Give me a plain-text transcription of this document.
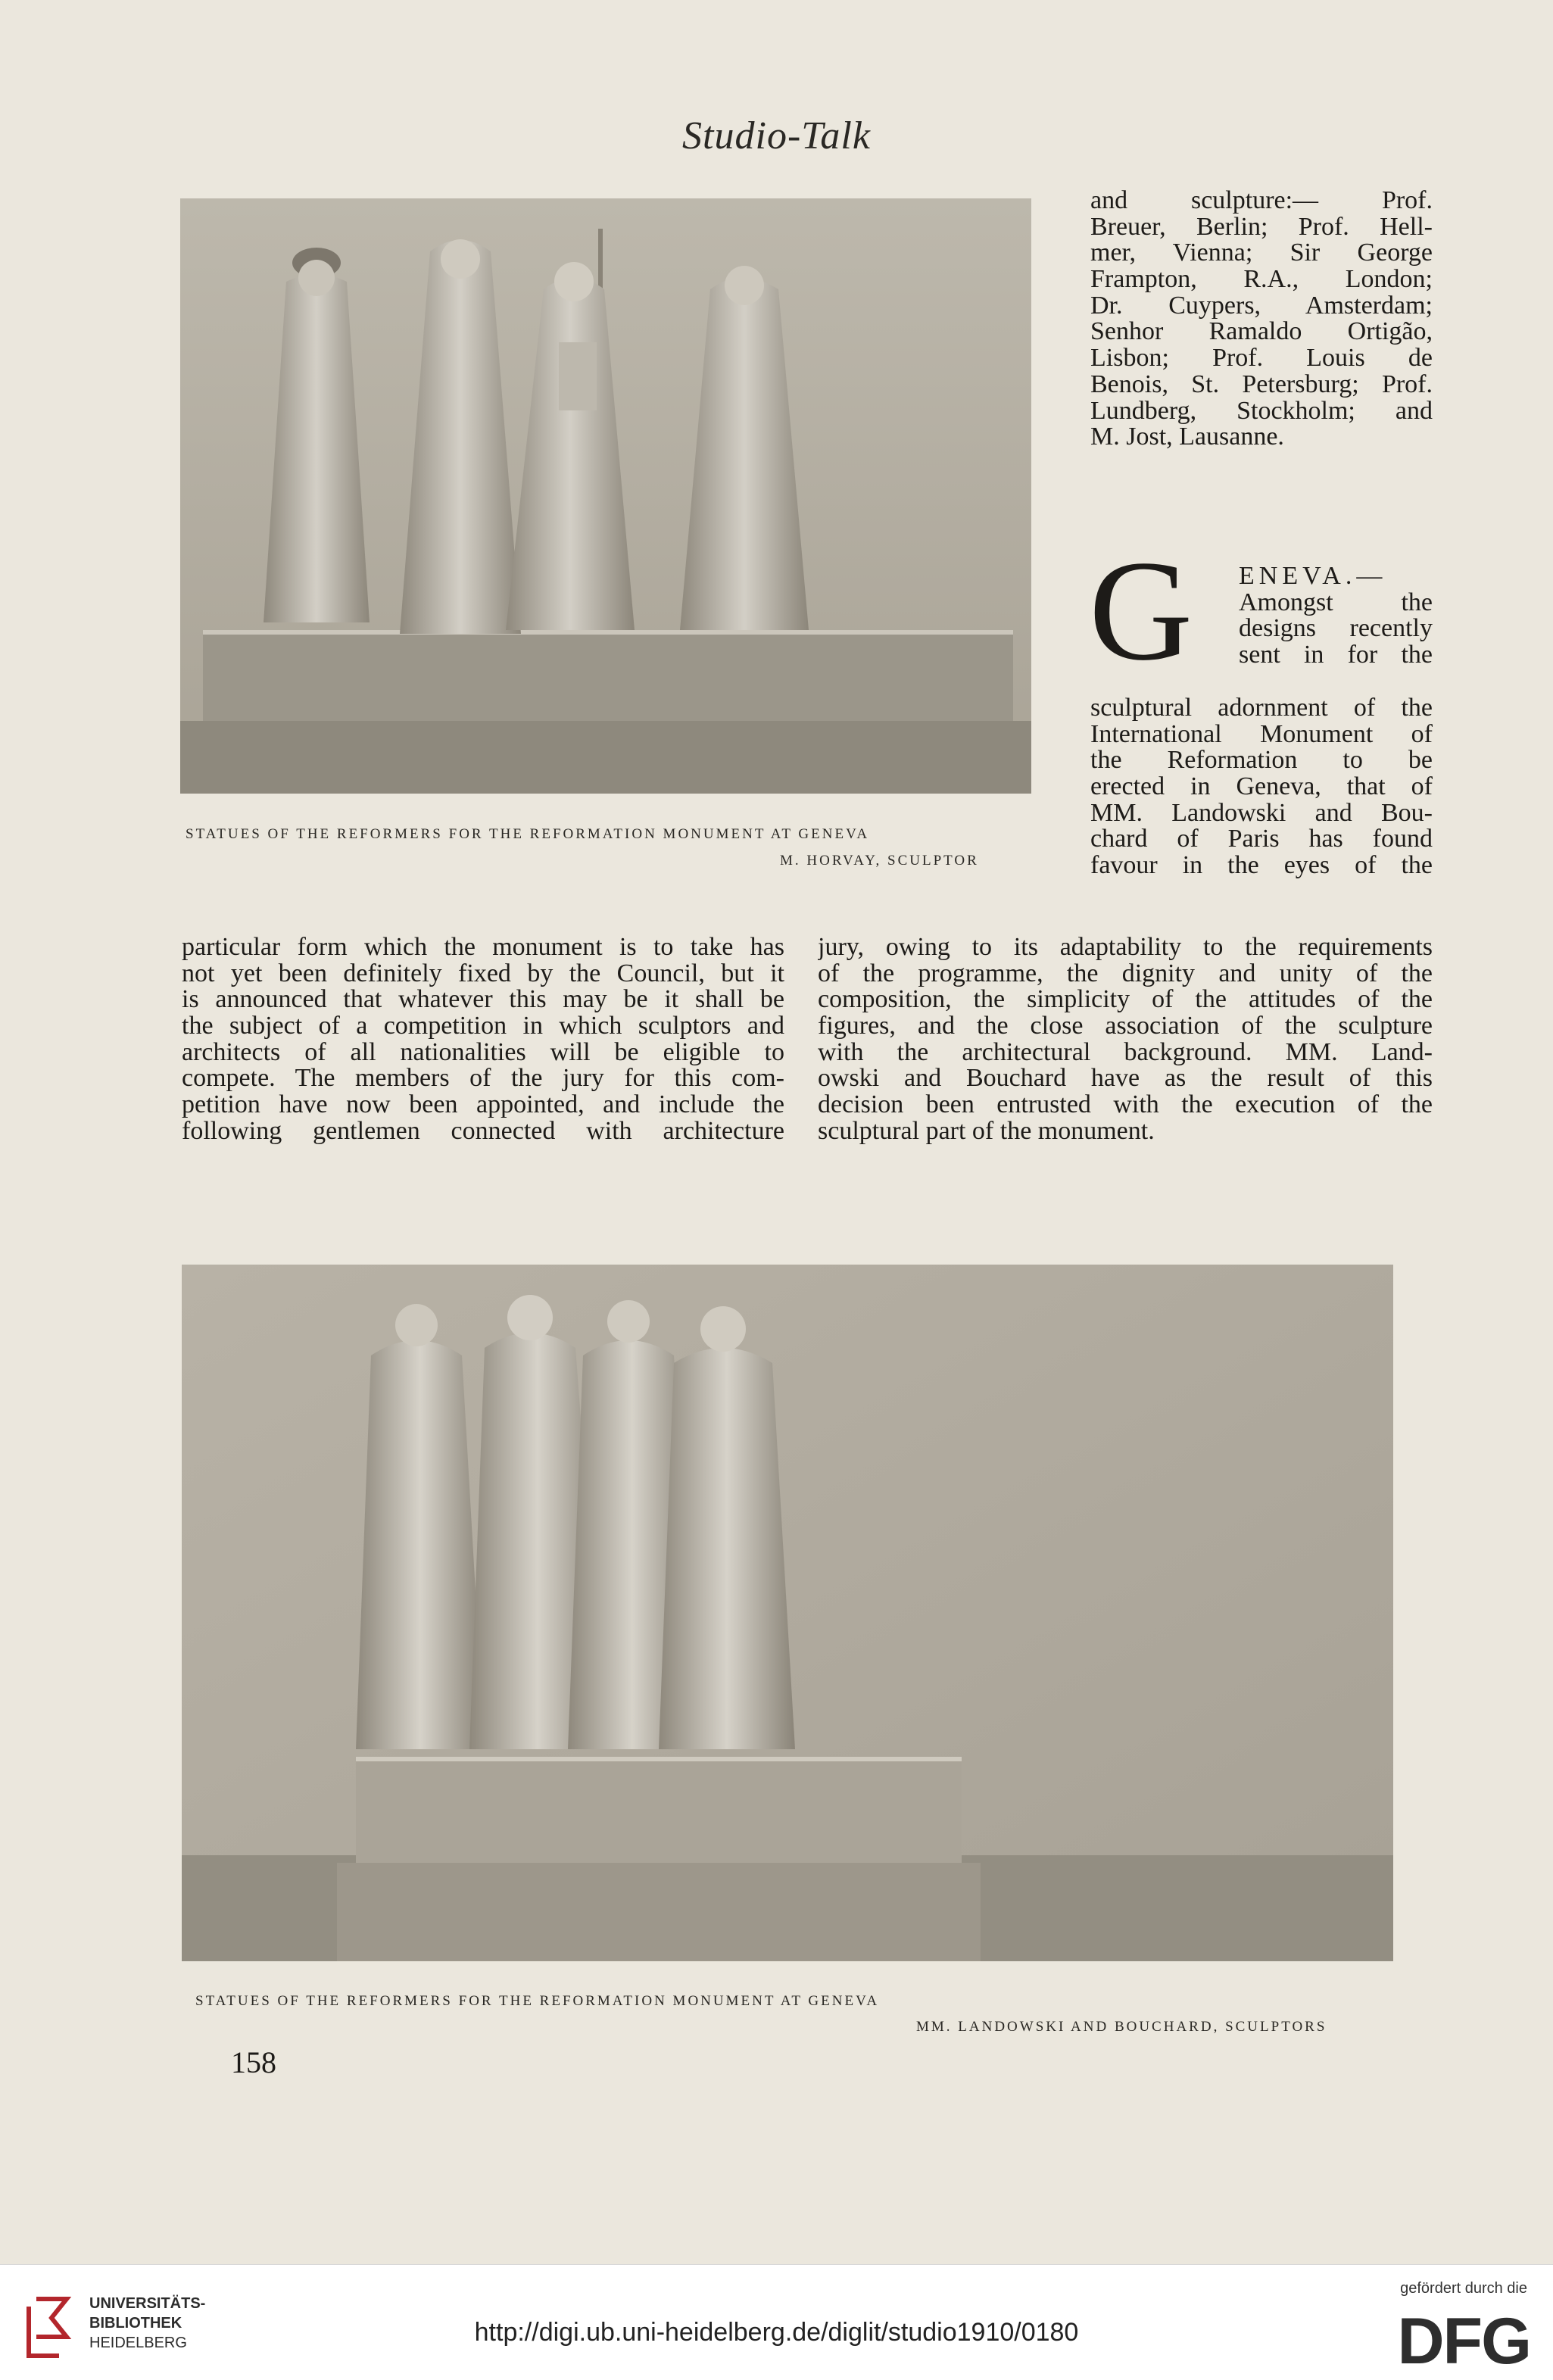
Studio-Talk
STATUES OF THE REFORMERS FOR THE REFORMATION MONUMENT AT GENEVA
M. HORVAY, SCULPTOR
and sculpture:— Prof.
Breuer, Berlin; Prof. Hell-
mer, Vienna; Sir George
Frampton, R.A., London;
Dr. Cuypers, Amsterdam;
Senhor Ramaldo Ortigão,
Lisbon; Prof. Louis de
Benois, St. Petersburg; Prof.
Lundberg, Stockholm; and
M. Jost, Lausanne.
G ENEVA.—
Amongst the
designs recently
sent in for the
sculptural adornment of the
International Monument of
the Reformation to be
erected in Geneva, that of
MM. Landowski and Bou-
chard of Paris has found
favour in the eyes of the
particular form which the monument is to take has
not yet been definitely fixed by the Council, but it
is announced that whatever this may be it shall be
the subject of a competition in which sculptors and
architects of all nationalities will be eligible to
compete. The members of the jury for this com-
petition have now been appointed, and include the
following gentlemen connected with architecture
jury, owing to its adaptability to the requirements
of the programme, the dignity and unity of the
composition, the simplicity of the attitudes of the
figures, and the close association of the sculpture
with the architectural background. MM. Land-
owski and Bouchard have as the result of this
decision been entrusted with the execution of the
sculptural part of the monument.
STATUES OF THE REFORMERS FOR THE REFORMATION MONUMENT AT GENEVA
MM. LANDOWSKI AND BOUCHARD, SCULPTORS
158
UNIVERSITÄTS-
BIBLIOTHEK
HEIDELBERG	http://digi.ub.uni-heidelberg.de/diglit/studio1910/0180
gefördert durch die
DFG
